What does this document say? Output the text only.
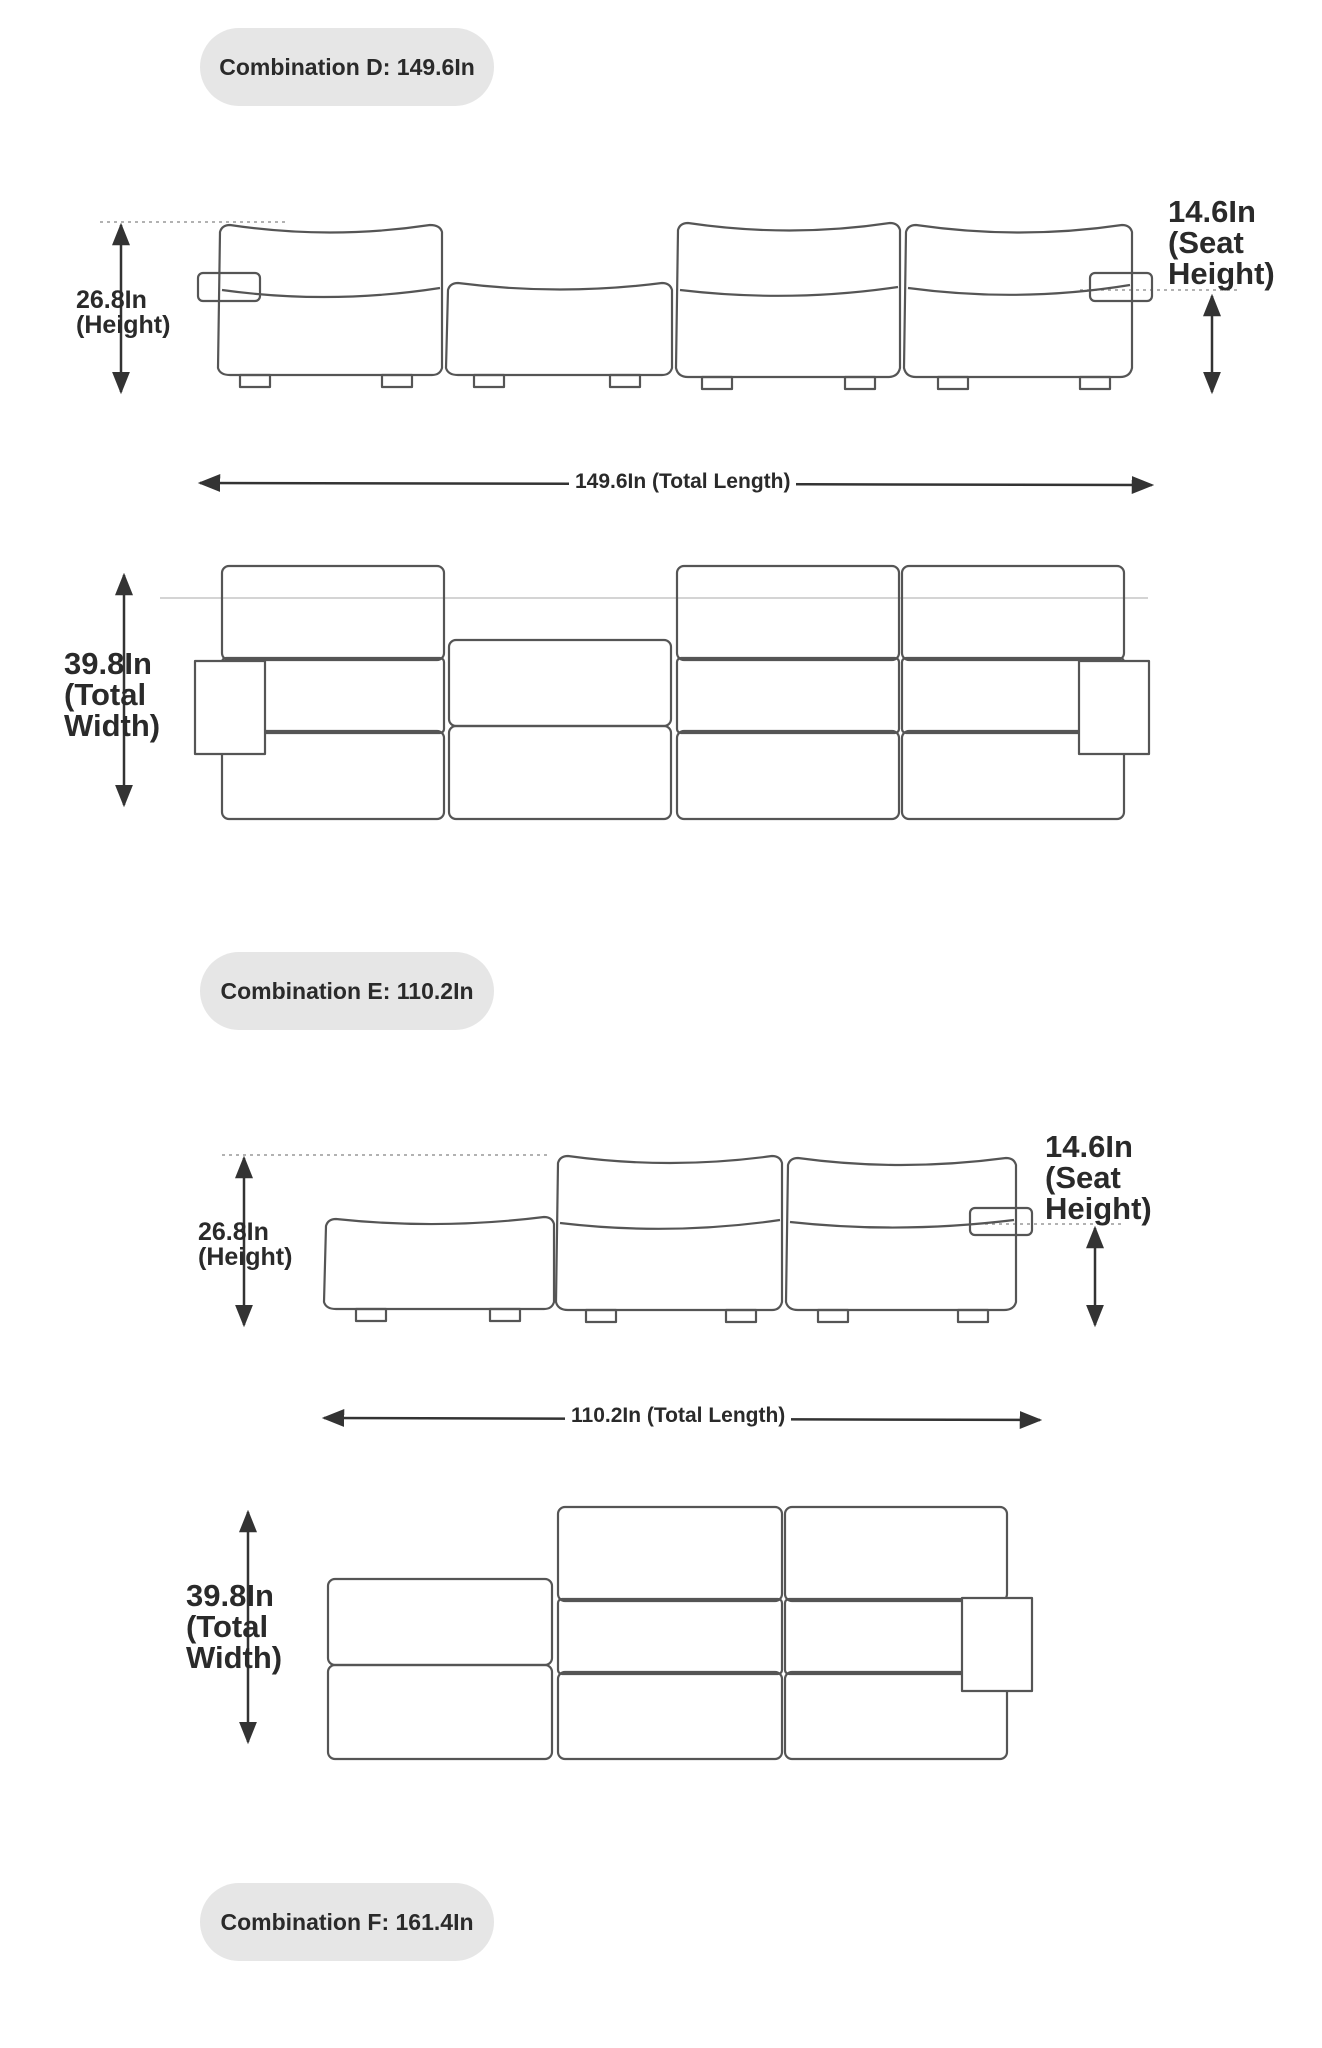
Combination D: 149.6In
26.8In
(Height)
14.6In
(Seat
Height)
149.6In (Total Length)
39.8In
(Total
Width)
Combination E: 110.2In
26.8In
(Height)
14.6In
(Seat
Height)
110.2In (Total Length)
39.8In
(Total
Width)
Combination F: 161.4In
